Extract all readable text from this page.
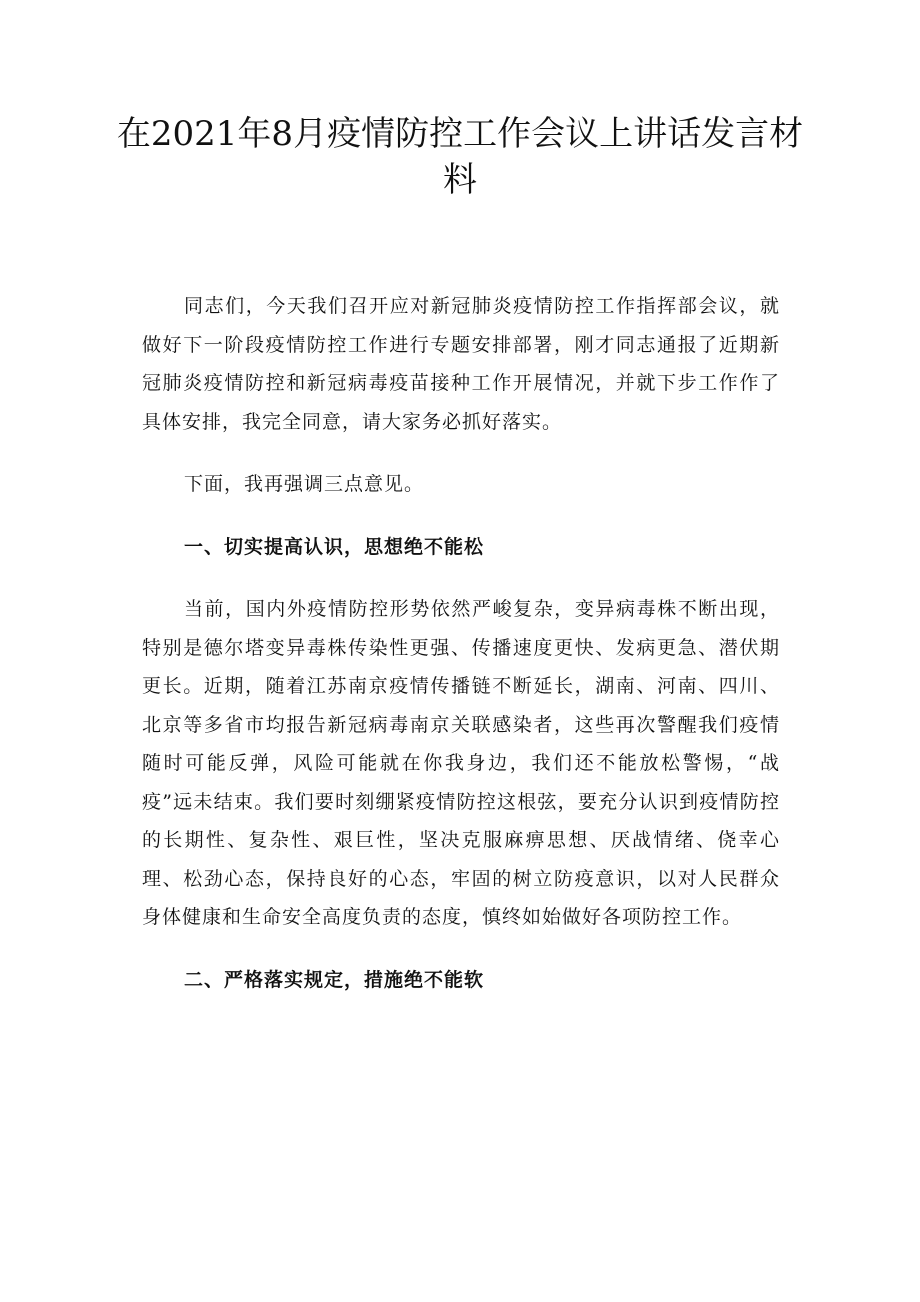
在2021年8月疫情防控工作会议上讲话发言材料

同志们，今天我们召开应对新冠肺炎疫情防控工作指挥部会议，就做好下一阶段疫情防控工作进行专题安排部署，刚才同志通报了近期新冠肺炎疫情防控和新冠病毒疫苗接种工作开展情况，并就下步工作作了具体安排，我完全同意，请大家务必抓好落实。

下面，我再强调三点意见。

一、切实提高认识，思想绝不能松

当前，国内外疫情防控形势依然严峻复杂，变异病毒株不断出现，特别是德尔塔变异毒株传染性更强、传播速度更快、发病更急、潜伏期更长。近期，随着江苏南京疫情传播链不断延长，湖南、河南、四川、北京等多省市均报告新冠病毒南京关联感染者，这些再次警醒我们疫情随时可能反弹，风险可能就在你我身边，我们还不能放松警惕，“战疫”远未结束。我们要时刻绷紧疫情防控这根弦，要充分认识到疫情防控的长期性、复杂性、艰巨性，坚决克服麻痹思想、厌战情绪、侥幸心理、松劲心态，保持良好的心态，牢固的树立防疫意识，以对人民群众身体健康和生命安全高度负责的态度，慎终如始做好各项防控工作。

二、严格落实规定，措施绝不能软
